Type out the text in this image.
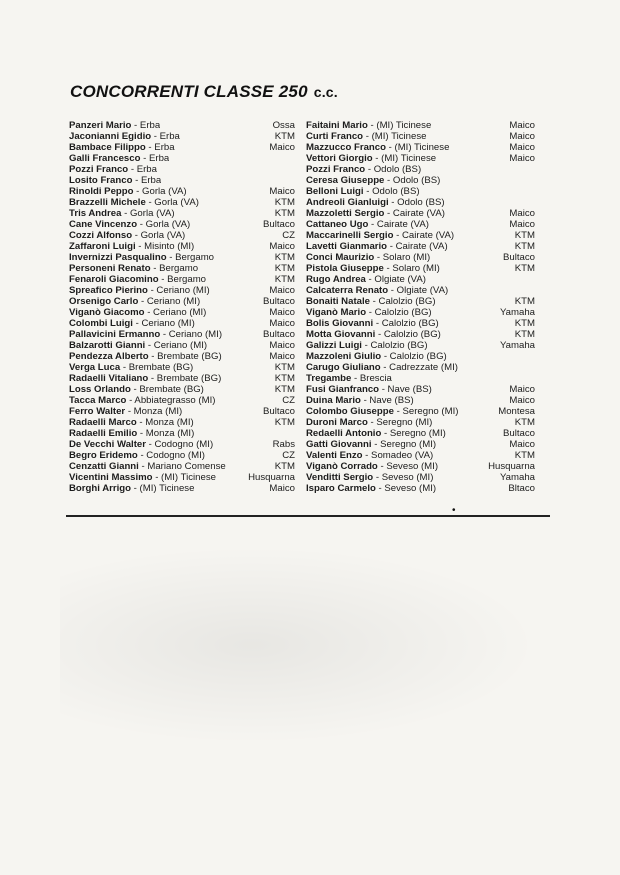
CONCORRENTI CLASSE 250 c.c.
Panzeri Mario - Erba	Ossa
Jaconianni Egidio - Erba	KTM
Bambace Filippo - Erba	Maico
Galli Francesco - Erba
Pozzi Franco - Erba
Losito Franco - Erba
Rinoldi Peppo - Gorla (VA)	Maico
Brazzelli Michele - Gorla (VA)	KTM
Tris Andrea - Gorla (VA)	KTM
Cane Vincenzo - Gorla (VA)	Bultaco
Cozzi Alfonso - Gorla (VA)	CZ
Zaffaroni Luigi - Misinto (MI)	Maico
Invernizzi Pasqualino - Bergamo	KTM
Personeni Renato - Bergamo	KTM
Fenaroli Giacomino - Bergamo	KTM
Spreafico Pierino - Ceriano (MI)	Maico
Orsenigo Carlo - Ceriano (MI)	Bultaco
Viganò Giacomo - Ceriano (MI)	Maico
Colombi Luigi - Ceriano (MI)	Maico
Pallavicini Ermanno - Ceriano (MI)	Bultaco
Balzarotti Gianni - Ceriano (MI)	Maico
Pendezza Alberto - Brembate (BG)	Maico
Verga Luca - Brembate (BG)	KTM
Radaelli Vitaliano - Brembate (BG)	KTM
Loss Orlando - Brembate (BG)	KTM
Tacca Marco - Abbiategrasso (MI)	CZ
Ferro Walter - Monza (MI)	Bultaco
Radaelli Marco - Monza (MI)	KTM
Radaelli Emilio - Monza (MI)
De Vecchi Walter - Codogno (MI)	Rabs
Begro Eridemo - Codogno (MI)	CZ
Cenzatti Gianni - Mariano Comense	KTM
Vicentini Massimo - (MI) Ticinese	Husquarna
Borghi Arrigo - (MI) Ticinese	Maico
Faitaini Mario - (MI) Ticinese	Maico
Curti Franco - (MI) Ticinese	Maico
Mazzucco Franco - (MI) Ticinese	Maico
Vettori Giorgio - (MI) Ticinese	Maico
Pozzi Franco - Odolo (BS)
Ceresa Giuseppe - Odolo (BS)
Belloni Luigi - Odolo (BS)
Andreoli Gianluigi - Odolo (BS)
Mazzoletti Sergio - Cairate (VA)	Maico
Cattaneo Ugo - Cairate (VA)	Maico
Maccarinelli Sergio - Cairate (VA)	KTM
Lavetti Gianmario - Cairate (VA)	KTM
Conci Maurizio - Solaro (MI)	Bultaco
Pistola Giuseppe - Solaro (MI)	KTM
Rugo Andrea - Olgiate (VA)
Calcaterra Renato - Olgiate (VA)
Bonaiti Natale - Calolzio (BG)	KTM
Viganò Mario - Calolzio (BG)	Yamaha
Bolis Giovanni - Calolzio (BG)	KTM
Motta Giovanni - Calolzio (BG)	KTM
Galizzi Luigi - Calolzio (BG)	Yamaha
Mazzoleni Giulio - Calolzio (BG)
Carugo Giuliano - Cadrezzate (MI)
Tregambe - Brescia
Fusi Gianfranco - Nave (BS)	Maico
Duina Mario - Nave (BS)	Maico
Colombo Giuseppe - Seregno (MI)	Montesa
Duroni Marco - Seregno (MI)	KTM
Redaelli Antonio - Seregno (MI)	Bultaco
Gatti Giovanni - Seregno (MI)	Maico
Valenti Enzo - Somadeo (VA)	KTM
Viganò Corrado - Seveso (MI)	Husquarna
Venditti Sergio - Seveso (MI)	Yamaha
Isparo Carmelo - Seveso (MI)	Bltaco
•
